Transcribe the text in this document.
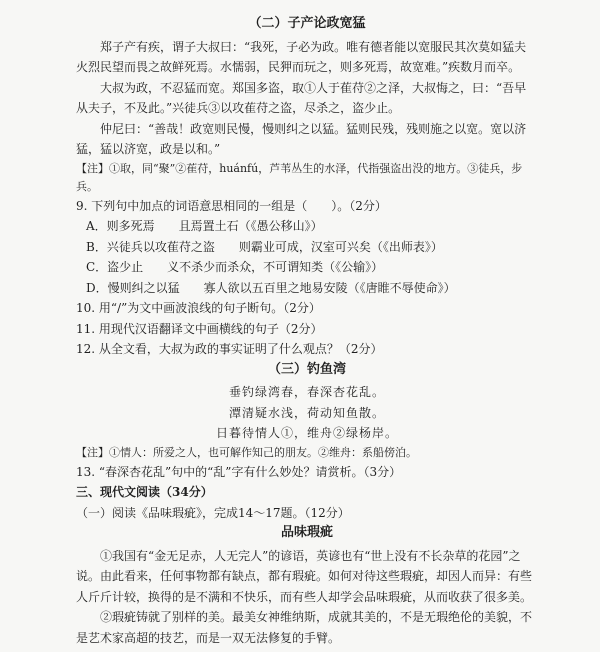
（二）子产论政宽猛

郑子产有疾，谓子大叔曰：“我死，子必为政。唯有德者能以宽服民其次莫如猛夫火烈民望而畏之故鲜死焉。水懦弱，民狎而玩之，则多死焉，故宽难。”疾数月而卒。

大叔为政，不忍猛而宽。郑国多盗，取①人于萑苻②之泽，大叔悔之，曰：“吾早从夫子，不及此。”兴徒兵③以攻萑苻之盗，尽杀之，盗少止。

仲尼曰：“善哉！政宽则民慢，慢则纠之以猛。猛则民残，残则施之以宽。宽以济猛，猛以济宽，政是以和。”

【注】①取，同“聚”②萑苻，huánfú，芦苇丛生的水泽，代指强盗出没的地方。③徒兵，步兵。

9. 下列句中加点的词语意思相同的一组是（　　）。（2分）

A．则多死焉　　且焉置土石（《愚公移山》）

B．兴徒兵以攻萑苻之盗　　则霸业可成，汉室可兴矣（《出师表》）

C．盗少止　　义不杀少而杀众，不可谓知类（《公输》）

D．慢则纠之以猛　　寡人欲以五百里之地易安陵（《唐睢不辱使命》）

10. 用“/”为文中画波浪线的句子断句。（2分）

11. 用现代汉语翻译文中画横线的句子（2分）

12. 从全文看，大叔为政的事实证明了什么观点？（2分）

（三）钓鱼湾

垂钓绿湾春，春深杏花乱。

潭清疑水浅，荷动知鱼散。

日暮待情人①，维舟②绿杨岸。

【注】①情人：所爱之人，也可解作知己的朋友。②维舟：系船傍泊。

13. “春深杏花乱”句中的“乱”字有什么妙处？请赏析。（3分）

三、现代文阅读（34分）

（一）阅读《品味瑕疵》，完成14～17题。（12分）

品味瑕疵

①我国有“金无足赤，人无完人”的谚语，英谚也有“世上没有不长杂草的花园”之说。由此看来，任何事物都有缺点，都有瑕疵。如何对待这些瑕疵，却因人而异：有些人斤斤计较，换得的是不满和不快乐，而有些人却学会品味瑕疵，从而收获了很多美。

②瑕疵铸就了别样的美。最美女神维纳斯，成就其美的，不是无瑕绝伦的美貌，不是艺术家高超的技艺，而是一双无法修复的手臂。
